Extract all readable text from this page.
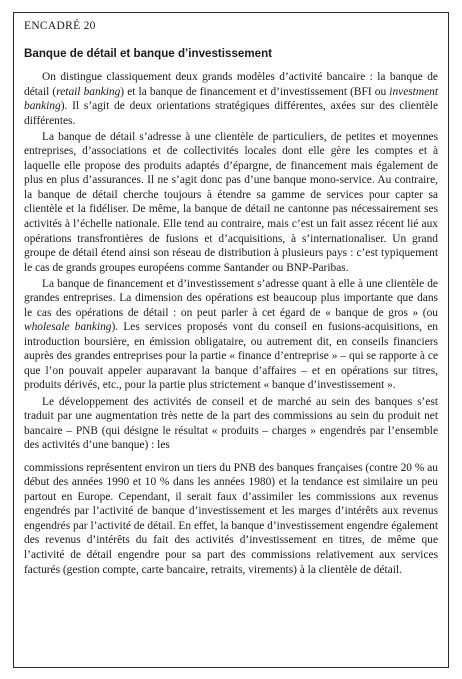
ENCADRÉ 20
Banque de détail et banque d’investissement

On distingue classiquement deux grands modèles d’activité bancaire : la banque de détail (retail banking) et la banque de financement et d’investissement (BFI ou investment banking). Il s’agit de deux orientations stratégiques différentes, axées sur des clientèle différentes.

La banque de détail s’adresse à une clientèle de particuliers, de petites et moyennes entreprises, d’associations et de collectivités locales dont elle gère les comptes et à laquelle elle propose des produits adaptés d’épargne, de financement mais également de plus en plus d’assurances. Il ne s’agit donc pas d’une banque mono-service. Au contraire, la banque de détail cherche toujours à étendre sa gamme de services pour capter sa clientèle et la fidéliser. De même, la banque de détail ne cantonne pas nécessairement ses activités à l’échelle nationale. Elle tend au contraire, mais c’est un fait assez récent lié aux opérations transfrontières de fusions et d’acquisitions, à s’internationaliser. Un grand groupe de détail étend ainsi son réseau de distribution à plusieurs pays : c’est typiquement le cas de grands groupes européens comme Santander ou BNP-Paribas.

La banque de financement et d’investissement s’adresse quant à elle à une clientèle de grandes entreprises. La dimension des opérations est beaucoup plus importante que dans le cas des opérations de détail : on peut parler à cet égard de « banque de gros » (ou wholesale banking). Les services proposés vont du conseil en fusions-acquisitions, en introduction boursière, en émission obligataire, ou autrement dit, en conseils financiers auprès des grandes entreprises pour la partie « finance d’entreprise » – qui se rapporte à ce que l’on pouvait appeler auparavant la banque d’affaires – et en opérations sur titres, produits dérivés, etc., pour la partie plus strictement « banque d’investissement ».

Le développement des activités de conseil et de marché au sein des banques s’est traduit par une augmentation très nette de la part des commissions au sein du produit net bancaire – PNB (qui désigne le résultat « produits – charges » engendrés par l’ensemble des activités d’une banque) : les

commissions représentent environ un tiers du PNB des banques françaises (contre 20 % au début des années 1990 et 10 % dans les années 1980) et la tendance est similaire un peu partout en Europe. Cependant, il serait faux d’assimiler les commissions aux revenus engendrés par l’activité de banque d’investissement et les marges d’intérêts aux revenus engendrés par l’activité de détail. En effet, la banque d’investissement engendre également des revenus d’intérêts du fait des activités d’investissement en titres, de même que l’activité de détail engendre pour sa part des commissions relativement aux services facturés (gestion compte, carte bancaire, retraits, virements) à la clientèle de détail.
